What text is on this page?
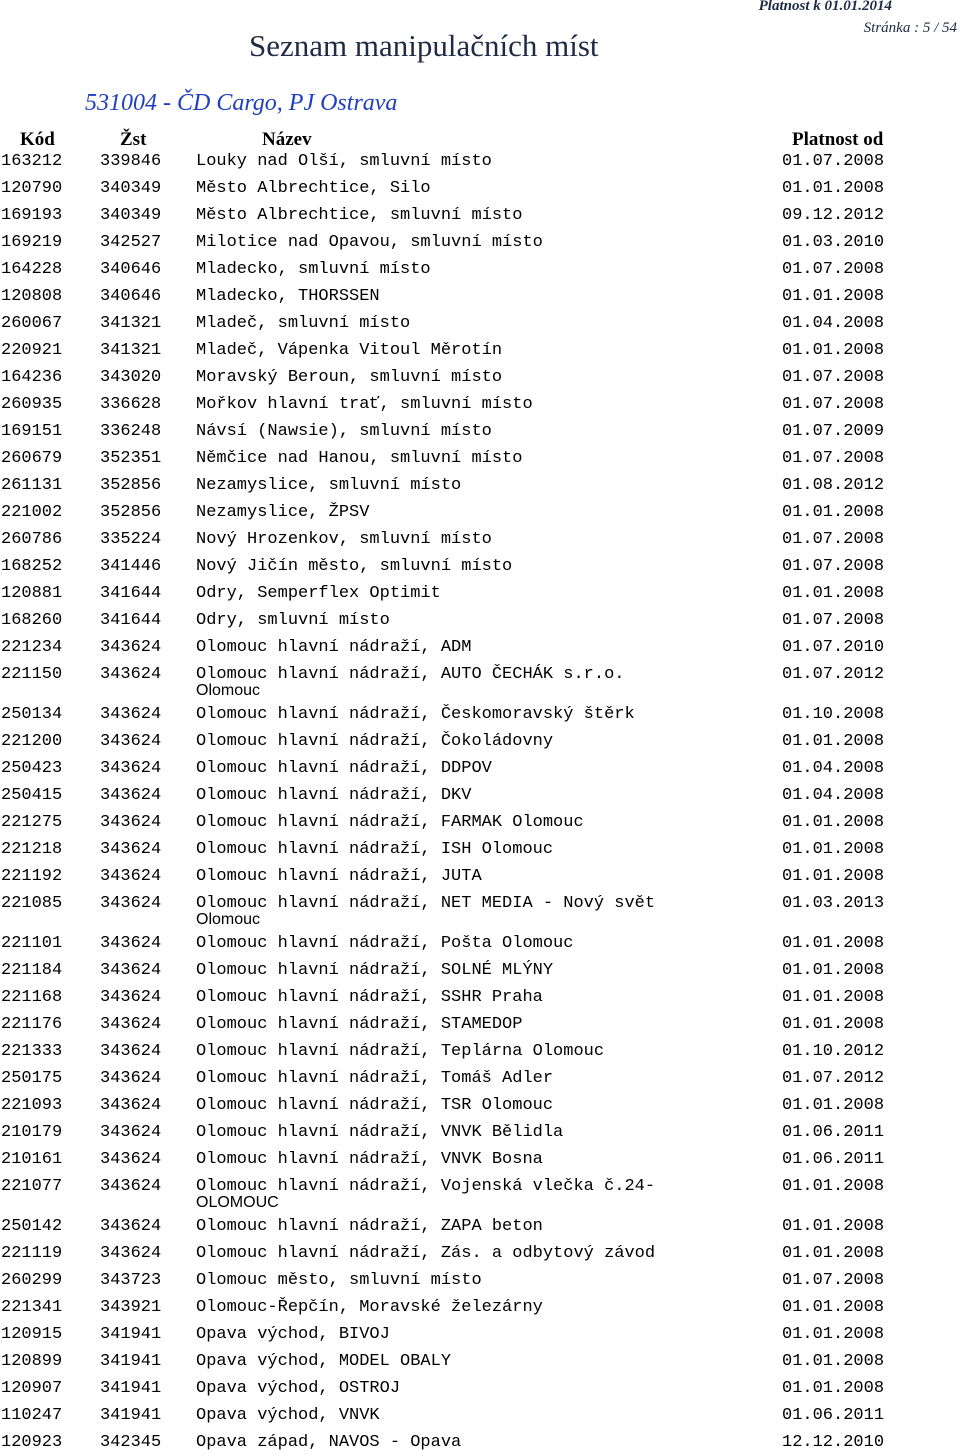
Platnost k 01.01.2014
Stránka : 5 / 54
Seznam manipulačních míst
531004 - ČD Cargo, PJ Ostrava
Kód	Žst	Název	Platnost od
163212 339846 Louky nad Olší, smluvní místo	01.07.2008
120790 340349 Město Albrechtice, Silo	01.01.2008
169193 340349 Město Albrechtice, smluvní místo	09.12.2012
169219 342527 Milotice nad Opavou, smluvní místo	01.03.2010
164228 340646 Mladecko, smluvní místo	01.07.2008
120808 340646 Mladecko, THORSSEN	01.01.2008
260067 341321 Mladeč, smluvní místo	01.04.2008
220921 341321 Mladeč, Vápenka Vitoul Měrotín	01.01.2008
164236 343020 Moravský Beroun, smluvní místo	01.07.2008
260935 336628 Mořkov hlavní trať, smluvní místo	01.07.2008
169151 336248 Návsí (Nawsie), smluvní místo	01.07.2009
260679 352351 Němčice nad Hanou, smluvní místo	01.07.2008
261131 352856 Nezamyslice, smluvní místo	01.08.2012
221002 352856 Nezamyslice, ŽPSV	01.01.2008
260786 335224 Nový Hrozenkov, smluvní místo	01.07.2008
168252 341446 Nový Jičín město, smluvní místo	01.07.2008
120881 341644 Odry, Semperflex Optimit	01.01.2008
168260 341644 Odry, smluvní místo	01.07.2008
221234 343624 Olomouc hlavní nádraží, ADM	01.07.2010
221150 343624 Olomouc hlavní nádraží, AUTO ČECHÁK s.r.o.	01.07.2012
Olomouc
250134 343624 Olomouc hlavní nádraží, Českomoravský štěrk	01.10.2008
221200 343624 Olomouc hlavní nádraží, Čokoládovny	01.01.2008
250423 343624 Olomouc hlavní nádraží, DDPOV	01.04.2008
250415 343624 Olomouc hlavní nádraží, DKV	01.04.2008
221275 343624 Olomouc hlavní nádraží, FARMAK Olomouc	01.01.2008
221218 343624 Olomouc hlavní nádraží, ISH Olomouc	01.01.2008
221192 343624 Olomouc hlavní nádraží, JUTA	01.01.2008
221085 343624 Olomouc hlavní nádraží, NET MEDIA - Nový svět	01.03.2013
Olomouc
221101 343624 Olomouc hlavní nádraží, Pošta Olomouc	01.01.2008
221184 343624 Olomouc hlavní nádraží, SOLNÉ MLÝNY	01.01.2008
221168 343624 Olomouc hlavní nádraží, SSHR Praha	01.01.2008
221176 343624 Olomouc hlavní nádraží, STAMEDOP	01.01.2008
221333 343624 Olomouc hlavní nádraží, Teplárna Olomouc	01.10.2012
250175 343624 Olomouc hlavní nádraží, Tomáš Adler	01.07.2012
221093 343624 Olomouc hlavní nádraží, TSR Olomouc	01.01.2008
210179 343624 Olomouc hlavní nádraží, VNVK Bělidla	01.06.2011
210161 343624 Olomouc hlavní nádraží, VNVK Bosna	01.06.2011
221077 343624 Olomouc hlavní nádraží, Vojenská vlečka č.24-	01.01.2008
OLOMOUC
250142 343624 Olomouc hlavní nádraží, ZAPA beton	01.01.2008
221119 343624 Olomouc hlavní nádraží, Zás. a odbytový závod	01.01.2008
260299 343723 Olomouc město, smluvní místo	01.07.2008
221341 343921 Olomouc-Řepčín, Moravské železárny	01.01.2008
120915 341941 Opava východ, BIVOJ	01.01.2008
120899 341941 Opava východ, MODEL OBALY	01.01.2008
120907 341941 Opava východ, OSTROJ	01.01.2008
110247 341941 Opava východ, VNVK	01.06.2011
120923 342345 Opava západ, NAVOS - Opava	12.12.2010
